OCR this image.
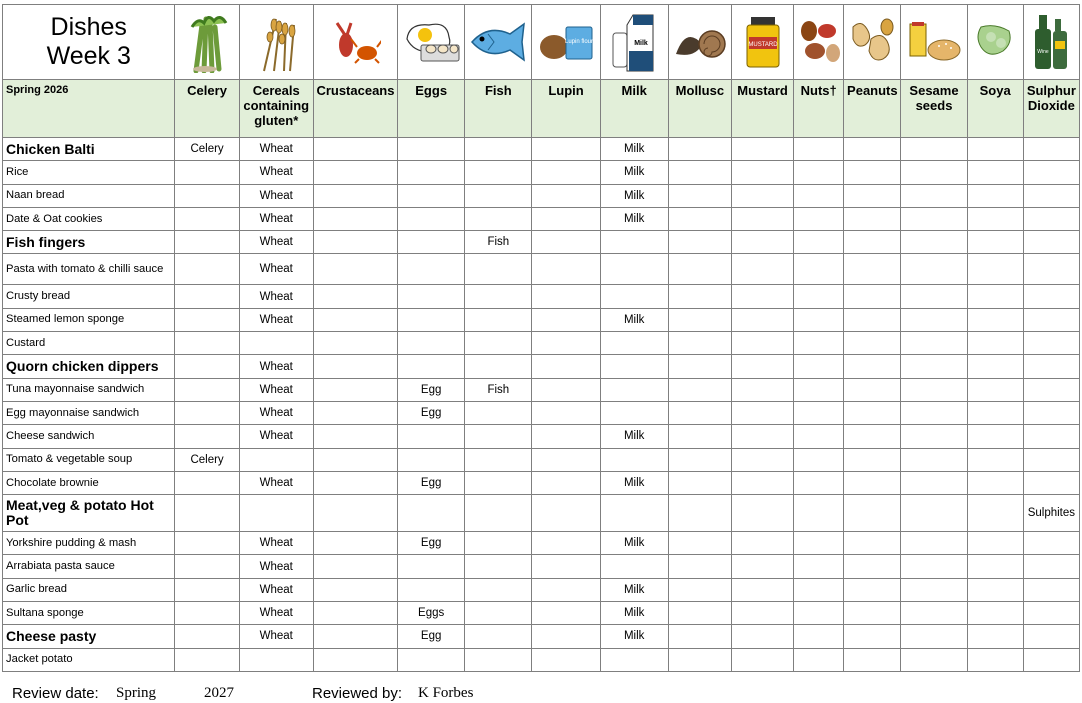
Dishes
Week 3						Lupin flour	Milk		MUSTARD					Wine

Spring 2026	Celery	Cereals containing gluten*	Crustaceans	Eggs	Fish	Lupin	Milk	Mollusc	Mustard	Nuts†	Peanuts	Sesame seeds	Soya	Sulphur Dioxide
Chicken Balti	Celery	Wheat					Milk							
Rice		Wheat					Milk							
Naan bread		Wheat					Milk							
Date & Oat cookies		Wheat					Milk							
Fish fingers		Wheat			Fish									
Pasta with tomato & chilli sauce		Wheat												
Crusty bread		Wheat												
Steamed lemon sponge		Wheat					Milk							
Custard														
Quorn chicken dippers		Wheat												
Tuna mayonnaise sandwich		Wheat		Egg	Fish									
Egg mayonnaise sandwich		Wheat		Egg										
Cheese sandwich		Wheat					Milk							
Tomato & vegetable soup	Celery													
Chocolate brownie		Wheat		Egg			Milk							
Meat,veg & potato Hot Pot														Sulphites
Yorkshire pudding & mash		Wheat		Egg			Milk							
Arrabiata pasta sauce		Wheat												
Garlic bread		Wheat					Milk							
Sultana sponge		Wheat		Eggs			Milk							
Cheese pasty		Wheat		Egg			Milk							
Jacket potato														
Review date: Spring	2027	Reviewed by: K Forbes
